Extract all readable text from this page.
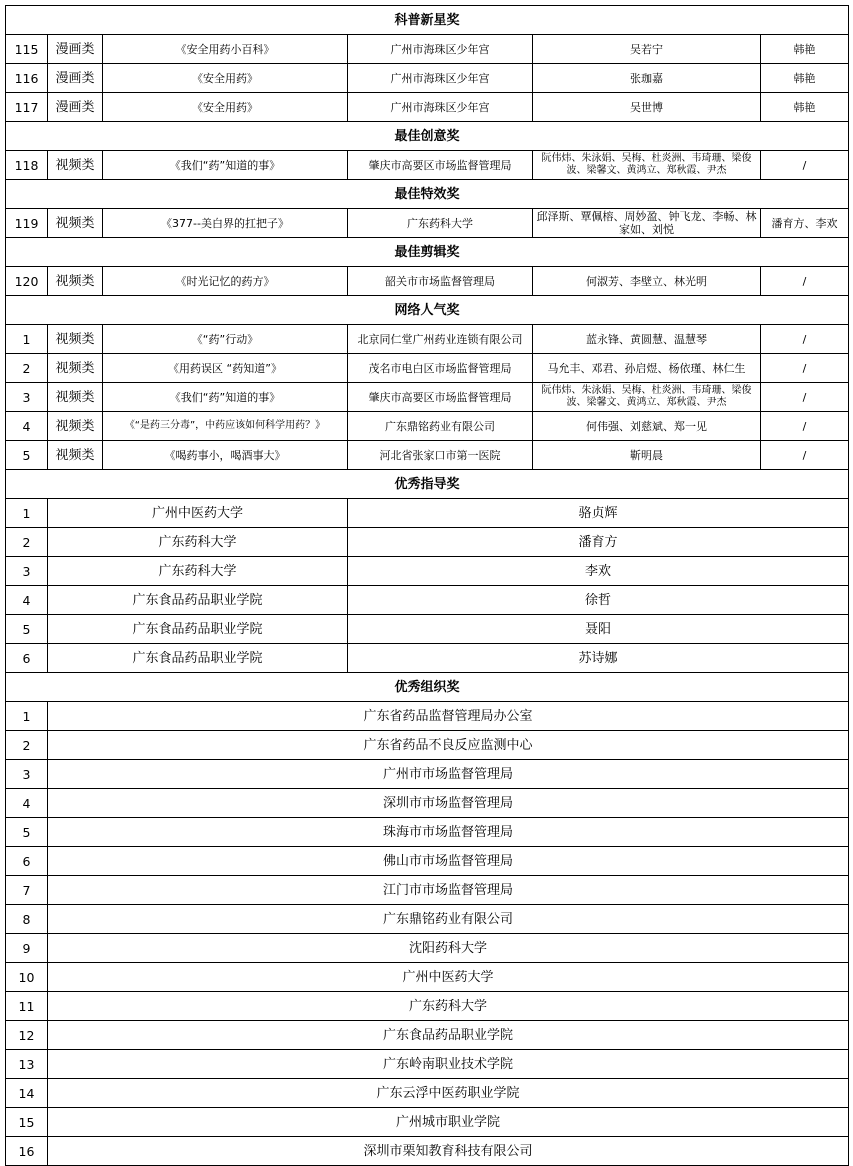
科普新星奖					
115	漫画类	《安全用药小百科》	广州市海珠区少年宫	吴若宁	韩艳
116	漫画类	《安全用药》	广州市海珠区少年宫	张珈嘉	韩艳
117	漫画类	《安全用药》	广州市海珠区少年宫	吴世博	韩艳
最佳创意奖					
118	视频类	《我们“药”知道的事》	肇庆市高要区市场监督管理局	阮伟炜、朱泳娟、吴梅、杜炎洲、韦琦珊、梁俊波、梁馨文、黄鸿立、郑秋霞、尹杰	/
最佳特效奖					
119	视频类	《377--美白界的扛把子》	广东药科大学	邱泽斯、覃佩榕、周妙盈、钟飞龙、李畅、林家如、刘悦	潘育方、李欢
最佳剪辑奖					
120	视频类	《时光记忆的药方》	韶关市市场监督管理局	何淑芳、李壁立、林光明	/
网络人气奖					
1	视频类	《“药”行动》	北京同仁堂广州药业连锁有限公司	蓝永锋、黄圆慧、温慧琴	/
2	视频类	《用药误区 “药知道”》	茂名市电白区市场监督管理局	马允丰、邓君、孙启煜、杨依瑾、林仁生	/
3	视频类	《我们“药”知道的事》	肇庆市高要区市场监督管理局	阮伟炜、朱泳娟、吴梅、杜炎洲、韦琦珊、梁俊波、梁馨文、黄鸿立、郑秋霞、尹杰	/
4	视频类	《“是药三分毒”，中药应该如何科学用药？》	广东鼎铭药业有限公司	何伟强、刘慈斌、郑一见	/
5	视频类	《喝药事小，喝酒事大》	河北省张家口市第一医院	靳明晨	/
优秀指导奖					
1	广州中医药大学		骆贞辉		
2	广东药科大学		潘育方		
3	广东药科大学		李欢		
4	广东食品药品职业学院		徐哲		
5	广东食品药品职业学院		聂阳		
6	广东食品药品职业学院		苏诗娜		
优秀组织奖					
1	广东省药品监督管理局办公室				
2	广东省药品不良反应监测中心				
3	广州市市场监督管理局				
4	深圳市市场监督管理局				
5	珠海市市场监督管理局				
6	佛山市市场监督管理局				
7	江门市市场监督管理局				
8	广东鼎铭药业有限公司				
9	沈阳药科大学				
10	广州中医药大学				
11	广东药科大学				
12	广东食品药品职业学院				
13	广东岭南职业技术学院				
14	广东云浮中医药职业学院				
15	广州城市职业学院				
16	深圳市栗知教育科技有限公司				
